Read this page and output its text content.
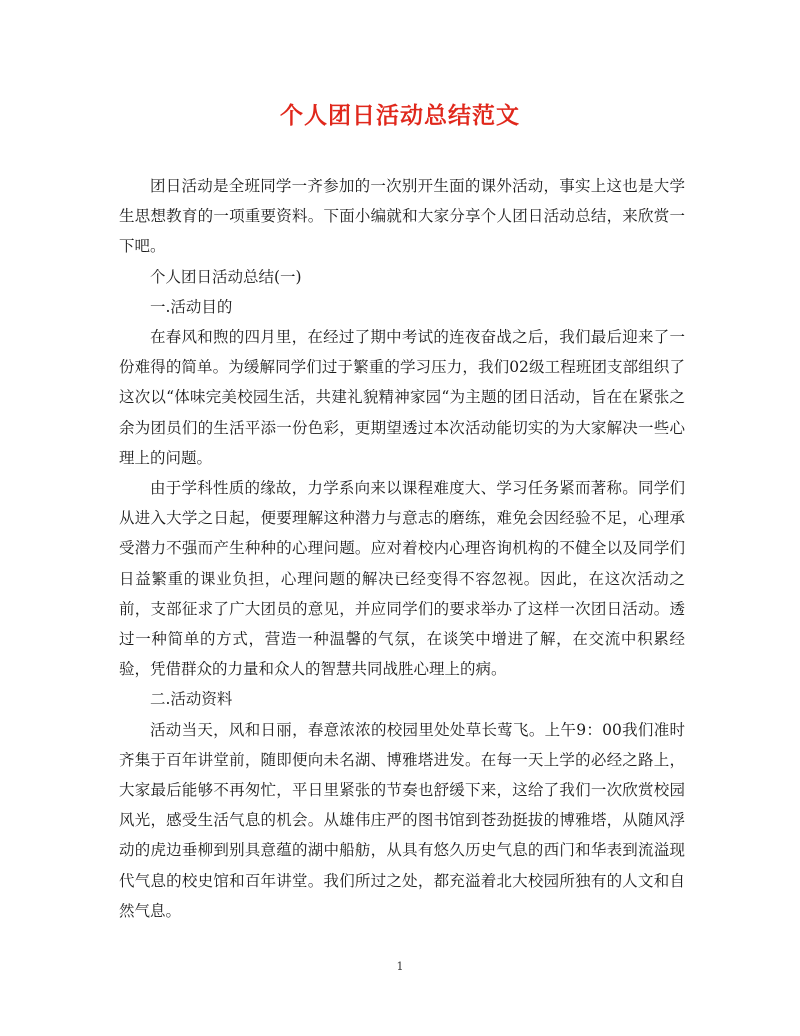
个人团日活动总结范文

团日活动是全班同学一齐参加的一次别开生面的课外活动，事实上这也是大学生思想教育的一项重要资料。下面小编就和大家分享个人团日活动总结，来欣赏一下吧。

个人团日活动总结(一)

一.活动目的

在春风和煦的四月里，在经过了期中考试的连夜奋战之后，我们最后迎来了一份难得的简单。为缓解同学们过于繁重的学习压力，我们02级工程班团支部组织了这次以“体味完美校园生活，共建礼貌精神家园“为主题的团日活动，旨在在紧张之余为团员们的生活平添一份色彩，更期望透过本次活动能切实的为大家解决一些心理上的问题。

由于学科性质的缘故，力学系向来以课程难度大、学习任务紧而著称。同学们从进入大学之日起，便要理解这种潜力与意志的磨练，难免会因经验不足，心理承受潜力不强而产生种种的心理问题。应对着校内心理咨询机构的不健全以及同学们日益繁重的课业负担，心理问题的解决已经变得不容忽视。因此，在这次活动之前，支部征求了广大团员的意见，并应同学们的要求举办了这样一次团日活动。透过一种简单的方式，营造一种温馨的气氛，在谈笑中增进了解，在交流中积累经验，凭借群众的力量和众人的智慧共同战胜心理上的病。

二.活动资料

活动当天，风和日丽，春意浓浓的校园里处处草长莺飞。上午9：00我们准时齐集于百年讲堂前，随即便向未名湖、博雅塔进发。在每一天上学的必经之路上，大家最后能够不再匆忙，平日里紧张的节奏也舒缓下来，这给了我们一次欣赏校园风光，感受生活气息的机会。从雄伟庄严的图书馆到苍劲挺拔的博雅塔，从随风浮动的虎边垂柳到别具意蕴的湖中船舫，从具有悠久历史气息的西门和华表到流溢现代气息的校史馆和百年讲堂。我们所过之处，都充溢着北大校园所独有的人文和自然气息。

1
